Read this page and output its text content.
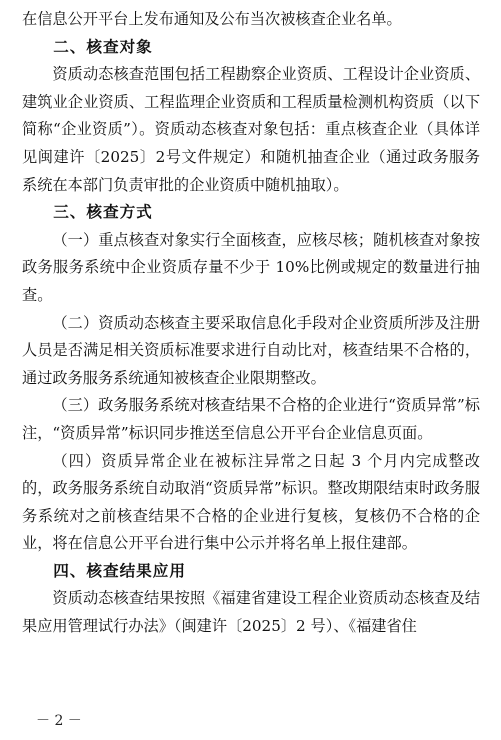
在信息公开平台上发布通知及公布当次被核查企业名单。

二、核查对象

资质动态核查范围包括工程勘察企业资质、工程设计企业资质、建筑业企业资质、工程监理企业资质和工程质量检测机构资质（以下简称“企业资质”）。资质动态核查对象包括：重点核查企业（具体详见闽建许〔2025〕2号文件规定）和随机抽查企业（通过政务服务系统在本部门负责审批的企业资质中随机抽取）。

三、核查方式

（一）重点核查对象实行全面核查，应核尽核；随机核查对象按政务服务系统中企业资质存量不少于 10%比例或规定的数量进行抽查。

（二）资质动态核查主要采取信息化手段对企业资质所涉及注册人员是否满足相关资质标准要求进行自动比对，核查结果不合格的，通过政务服务系统通知被核查企业限期整改。

（三）政务服务系统对核查结果不合格的企业进行“资质异常”标注，“资质异常”标识同步推送至信息公开平台企业信息页面。

（四）资质异常企业在被标注异常之日起 3 个月内完成整改的，政务服务系统自动取消“资质异常”标识。整改期限结束时政务服务系统对之前核查结果不合格的企业进行复核，复核仍不合格的企业，将在信息公开平台进行集中公示并将名单上报住建部。

四、核查结果应用

资质动态核查结果按照《福建省建设工程企业资质动态核查及结果应用管理试行办法》（闽建许〔2025〕2 号）、《福建省住

－ 2 －
